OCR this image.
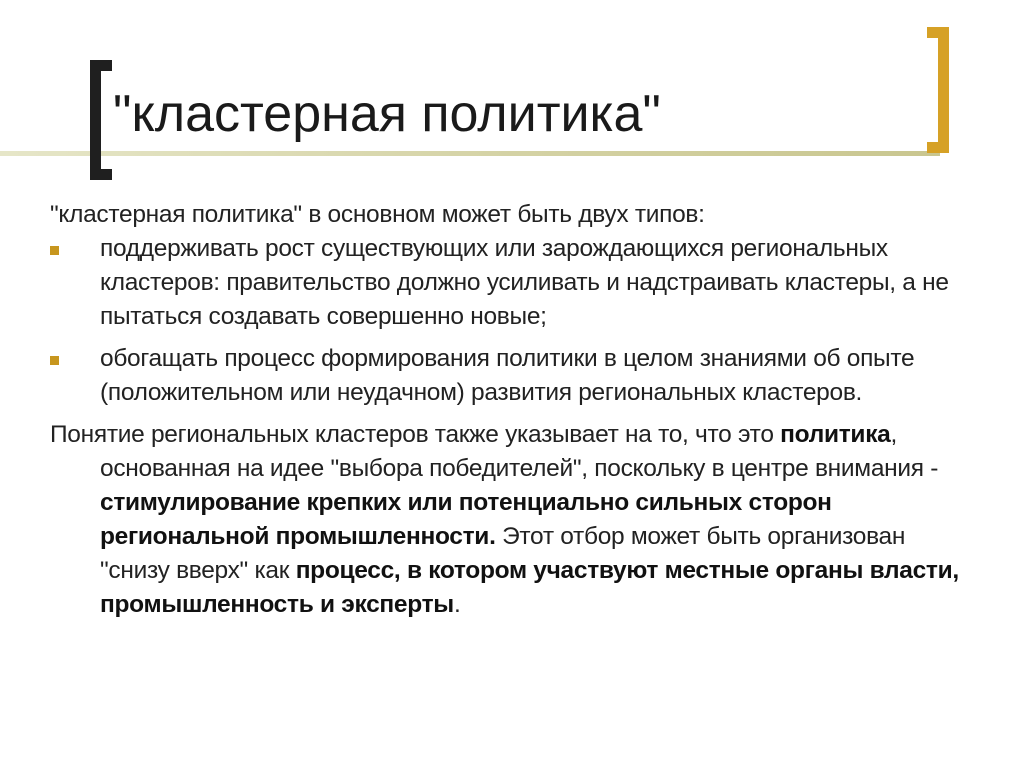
"кластерная политика"

"кластерная политика" в основном может быть двух типов:

поддерживать рост существующих или зарождающихся региональных кластеров: правительство должно усиливать и надстраивать кластеры, а не пытаться создавать совершенно новые;
обогащать процесс формирования политики в целом знаниями об опыте (положительном или неудачном) развития региональных кластеров.

Понятие региональных кластеров также указывает на то, что это политика, основанная на идее "выбора победителей", поскольку в центре внимания - стимулирование крепких или потенциально сильных сторон региональной промышленности. Этот отбор может быть организован "снизу вверх" как процесс, в котором участвуют местные органы власти, промышленность и эксперты.
